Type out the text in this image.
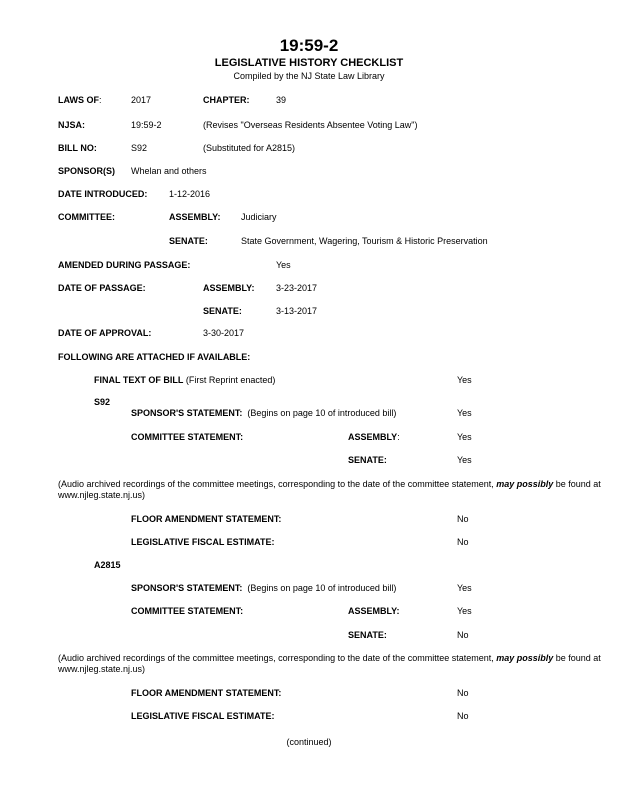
19:59-2
LEGISLATIVE HISTORY CHECKLIST
Compiled by the NJ State Law Library
LAWS OF:	2017	CHAPTER:	39
NJSA:	19:59-2	(Revises "Overseas Residents Absentee Voting Law")
BILL NO:	S92	(Substituted for A2815)
SPONSOR(S) Whelan and others
DATE INTRODUCED: 1-12-2016
COMMITTEE:	ASSEMBLY: Judiciary
SENATE:	State Government, Wagering, Tourism & Historic Preservation
AMENDED DURING PASSAGE:	Yes
DATE OF PASSAGE:	ASSEMBLY: 3-23-2017
SENATE:	3-13-2017
DATE OF APPROVAL:	3-30-2017
FOLLOWING ARE ATTACHED IF AVAILABLE:
FINAL TEXT OF BILL (First Reprint enacted)	Yes
S92
SPONSOR'S STATEMENT:  (Begins on page 10 of introduced bill)	Yes
COMMITTEE STATEMENT:	ASSEMBLY:	Yes
SENATE:	Yes
(Audio archived recordings of the committee meetings, corresponding to the date of the committee statement, may possibly be found at www.njleg.state.nj.us)
FLOOR AMENDMENT STATEMENT:	No
LEGISLATIVE FISCAL ESTIMATE:	No
A2815
SPONSOR'S STATEMENT:  (Begins on page 10 of introduced bill)	Yes
COMMITTEE STATEMENT:	ASSEMBLY:	Yes
SENATE:	No
(Audio archived recordings of the committee meetings, corresponding to the date of the committee statement, may possibly be found at www.njleg.state.nj.us)
FLOOR AMENDMENT STATEMENT:	No
LEGISLATIVE FISCAL ESTIMATE:	No
(continued)
